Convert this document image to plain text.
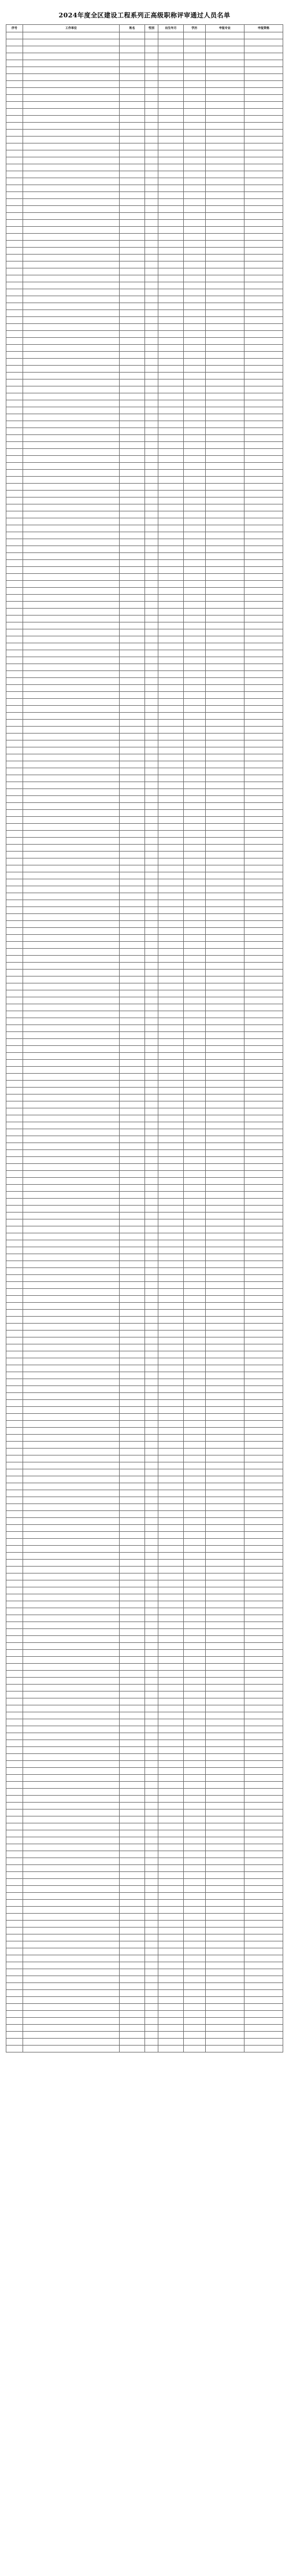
2024年度全区建设工程系列正高级职称评审通过人员名单
序号	工作单位	姓名	性别	出生年月	学历	申报专业	申报资格
